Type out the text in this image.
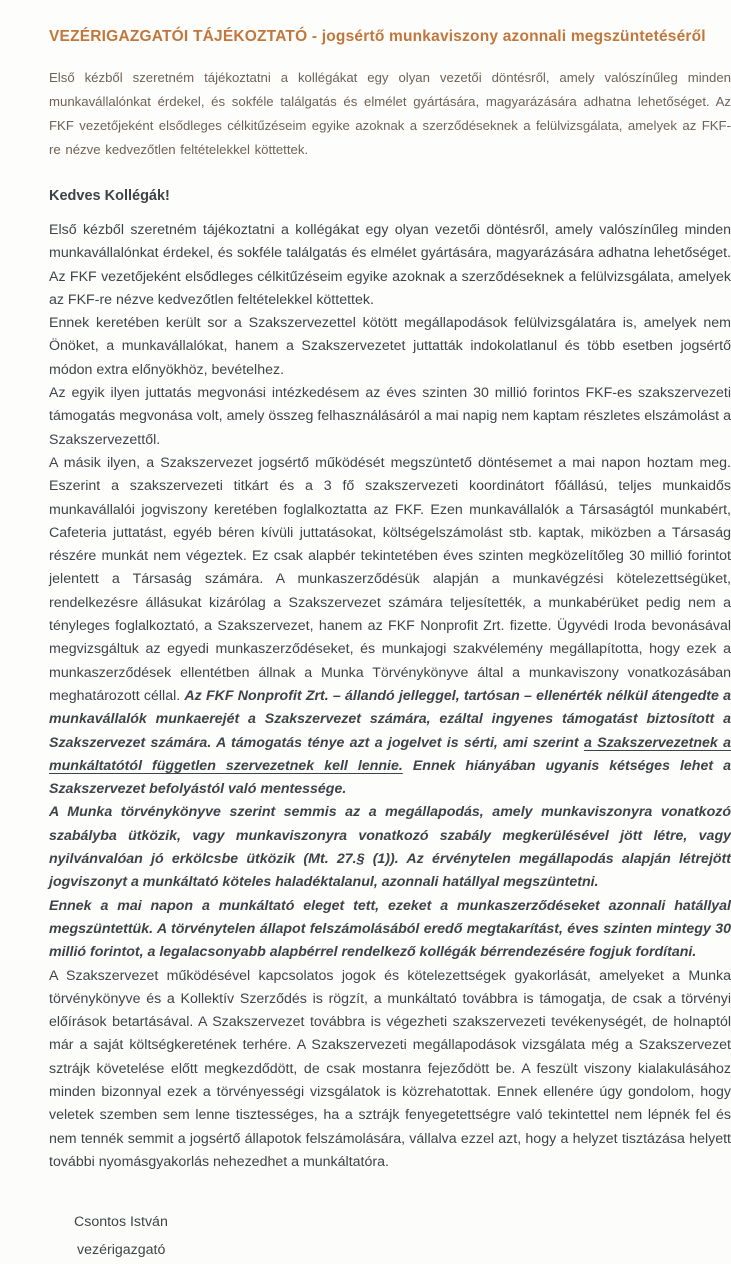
VEZÉRIGAZGATÓI TÁJÉKOZTATÓ - jogsértő munkaviszony azonnali megszüntetéséről

Első kézből szeretném tájékoztatni a kollégákat egy olyan vezetői döntésről, amely valószínűleg minden munkavállalónkat érdekel, és sokféle találgatás és elmélet gyártására, magyarázására adhatna lehetőséget. Az FKF vezetőjeként elsődleges célkitűzéseim egyike azoknak a szerződéseknek a felülvizsgálata, amelyek az FKF-re nézve kedvezőtlen feltételekkel köttettek.

Kedves Kollégák!

Első kézből szeretném tájékoztatni a kollégákat egy olyan vezetői döntésről, amely valószínűleg minden munkavállalónkat érdekel, és sokféle találgatás és elmélet gyártására, magyarázására adhatna lehetőséget. Az FKF vezetőjeként elsődleges célkitűzéseim egyike azoknak a szerződéseknek a felülvizsgálata, amelyek az FKF-re nézve kedvezőtlen feltételekkel köttettek.

Ennek keretében került sor a Szakszervezettel kötött megállapodások felülvizsgálatára is, amelyek nem Önöket, a munkavállalókat, hanem a Szakszervezetet juttatták indokolatlanul és több esetben jogsértő módon extra előnyökhöz, bevételhez.

Az egyik ilyen juttatás megvonási intézkedésem az éves szinten 30 millió forintos FKF-es szakszervezeti támogatás megvonása volt, amely összeg felhasználásáról a mai napig nem kaptam részletes elszámolást a Szakszervezettől.

A másik ilyen, a Szakszervezet jogsértő működését megszüntető döntésemet a mai napon hoztam meg. Eszerint a szakszervezeti titkárt és a 3 fő szakszervezeti koordinátort főállású, teljes munkaidős munkavállalói jogviszony keretében foglalkoztatta az FKF. Ezen munkavállalók a Társaságtól munkabért, Cafeteria juttatást, egyéb béren kívüli juttatásokat, költségelszámolást stb. kaptak, miközben a Társaság részére munkát nem végeztek. Ez csak alapbér tekintetében éves szinten megközelítőleg 30 millió forintot jelentett a Társaság számára. A munkaszerződésük alapján a munkavégzési kötelezettségüket, rendelkezésre állásukat kizárólag a Szakszervezet számára teljesítették, a munkabérüket pedig nem a tényleges foglalkoztató, a Szakszervezet, hanem az FKF Nonprofit Zrt. fizette. Ügyvédi Iroda bevonásával megvizsgáltuk az egyedi munkaszerződéseket, és munkajogi szakvélemény megállapította, hogy ezek a munkaszerződések ellentétben állnak a Munka Törvénykönyve által a munkaviszony vonatkozásában meghatározott céllal. Az FKF Nonprofit Zrt. – állandó jelleggel, tartósan – ellenérték nélkül átengedte a munkavállalók munkaerejét a Szakszervezet számára, ezáltal ingyenes támogatást biztosított a Szakszervezet számára. A támogatás ténye azt a jogelvet is sérti, ami szerint a Szakszervezetnek a munkáltatótól független szervezetnek kell lennie. Ennek hiányában ugyanis kétséges lehet a Szakszervezet befolyástól való mentessége.

A Munka törvénykönyve szerint semmis az a megállapodás, amely munkaviszonyra vonatkozó szabályba ütközik, vagy munkaviszonyra vonatkozó szabály megkerülésével jött létre, vagy nyilvánvalóan jó erkölcsbe ütközik (Mt. 27.§ (1)). Az érvénytelen megállapodás alapján létrejött jogviszonyt a munkáltató köteles haladéktalanul, azonnali hatállyal megszüntetni.

Ennek a mai napon a munkáltató eleget tett, ezeket a munkaszerződéseket azonnali hatállyal megszüntettük. A törvénytelen állapot felszámolásából eredő megtakarítást, éves szinten mintegy 30 millió forintot, a legalacsonyabb alapbérrel rendelkező kollégák bérrendezésére fogjuk fordítani.

A Szakszervezet működésével kapcsolatos jogok és kötelezettségek gyakorlását, amelyeket a Munka törvénykönyve és a Kollektív Szerződés is rögzít, a munkáltató továbbra is támogatja, de csak a törvényi előírások betartásával. A Szakszervezet továbbra is végezheti szakszervezeti tevékenységét, de holnaptól már a saját költségkeretének terhére. A Szakszervezeti megállapodások vizsgálata még a Szakszervezet sztrájk követelése előtt megkezdődött, de csak mostanra fejeződött be. A feszült viszony kialakulásához minden bizonnyal ezek a törvényességi vizsgálatok is közrehatottak. Ennek ellenére úgy gondolom, hogy veletek szemben sem lenne tisztességes, ha a sztrájk fenyegetettségre való tekintettel nem lépnék fel és nem tennék semmit a jogsértő állapotok felszámolására, vállalva ezzel azt, hogy a helyzet tisztázása helyett további nyomásgyakorlás nehezedhet a munkáltatóra.

Csontos István
vezérigazgató
